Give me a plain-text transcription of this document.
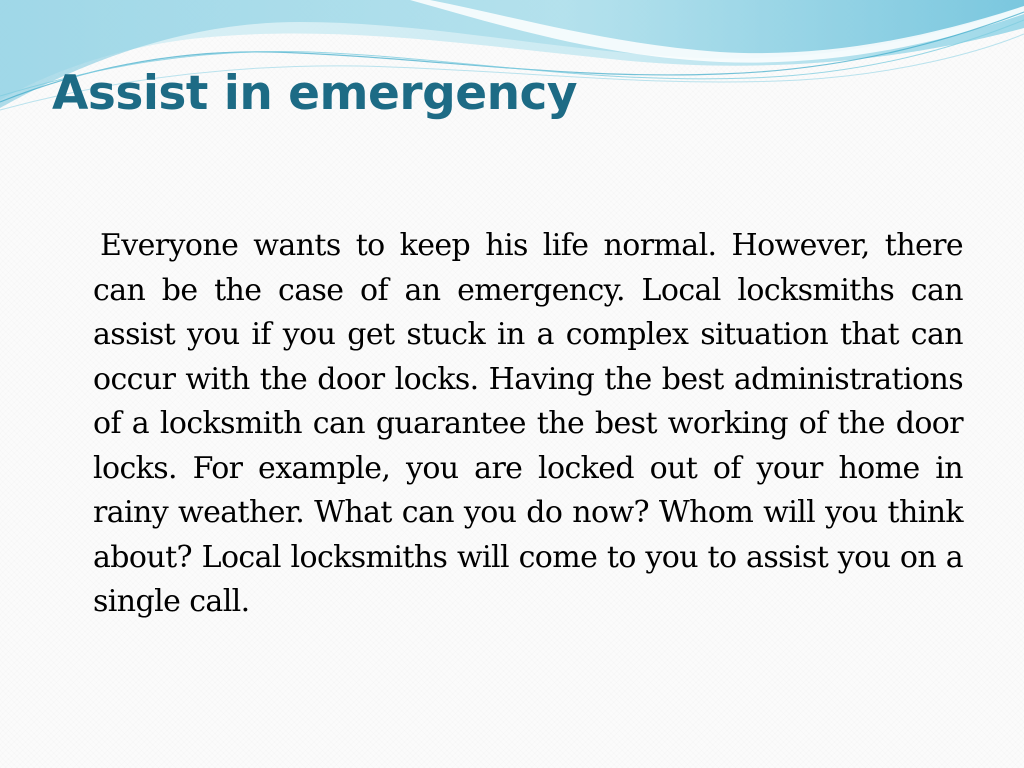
Assist in emergency

Everyone wants to keep his life normal. However, there can be the case of an emergency. Local locksmiths can assist you if you get stuck in a complex situation that can occur with the door locks. Having the best administrations of a locksmith can guarantee the best working of the door locks. For example, you are locked out of your home in rainy weather. What can you do now? Whom will you think about? Local locksmiths will come to you to assist you on a single call.
